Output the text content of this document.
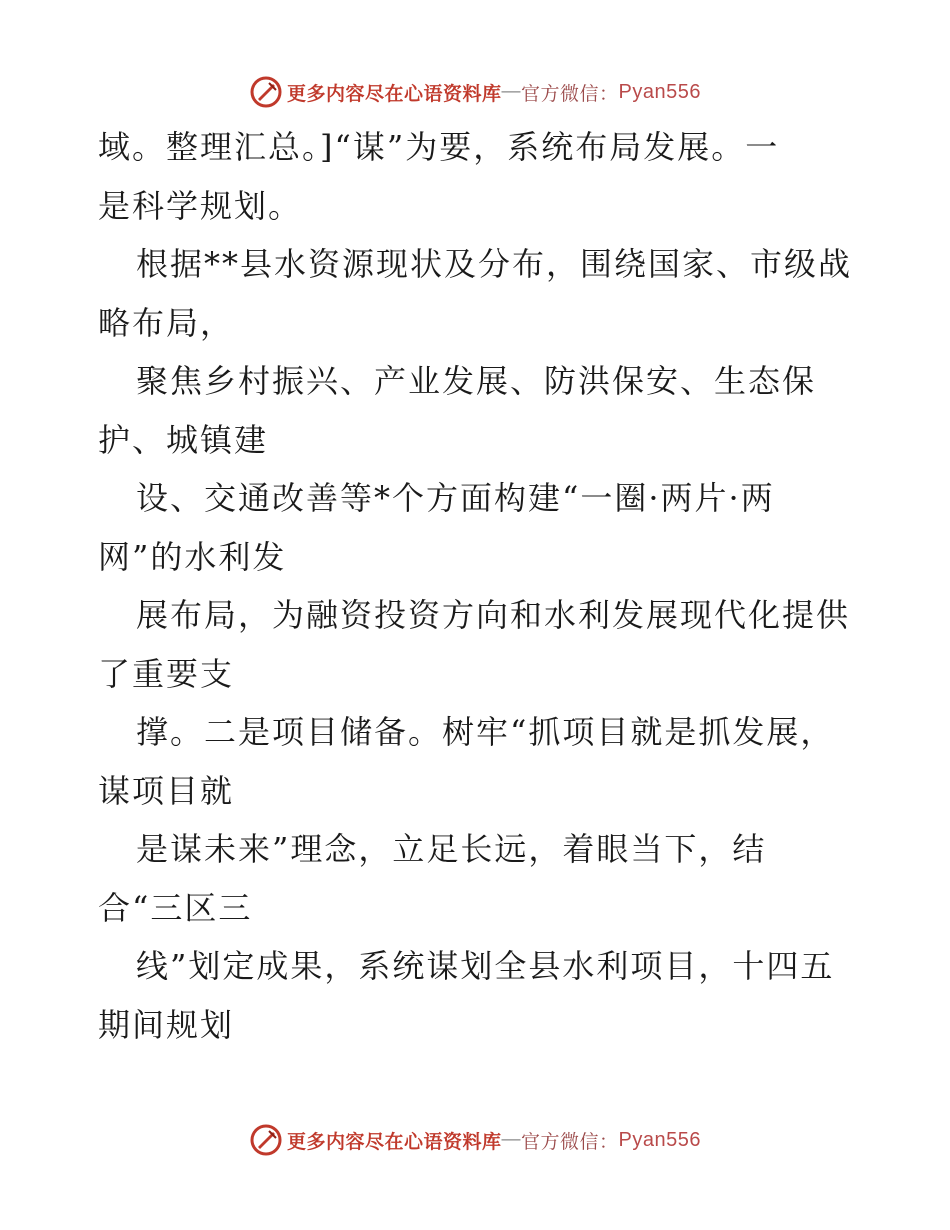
更多内容尽在心语资料库 — 官方微信： Pyan556
域。整理汇总。]“谋”为要，系统布局发展。一
是科学规划。
根据**县水资源现状及分布，围绕国家、市级战
略布局，
聚焦乡村振兴、产业发展、防洪保安、生态保
护、城镇建
设、交通改善等*个方面构建“一圈·两片·两
网”的水利发
展布局，为融资投资方向和水利发展现代化提供
了重要支
撑。二是项目储备。树牢“抓项目就是抓发展，
谋项目就
是谋未来”理念，立足长远，着眼当下，结
合“三区三
线”划定成果，系统谋划全县水利项目，十四五
期间规划
更多内容尽在心语资料库 — 官方微信： Pyan556
